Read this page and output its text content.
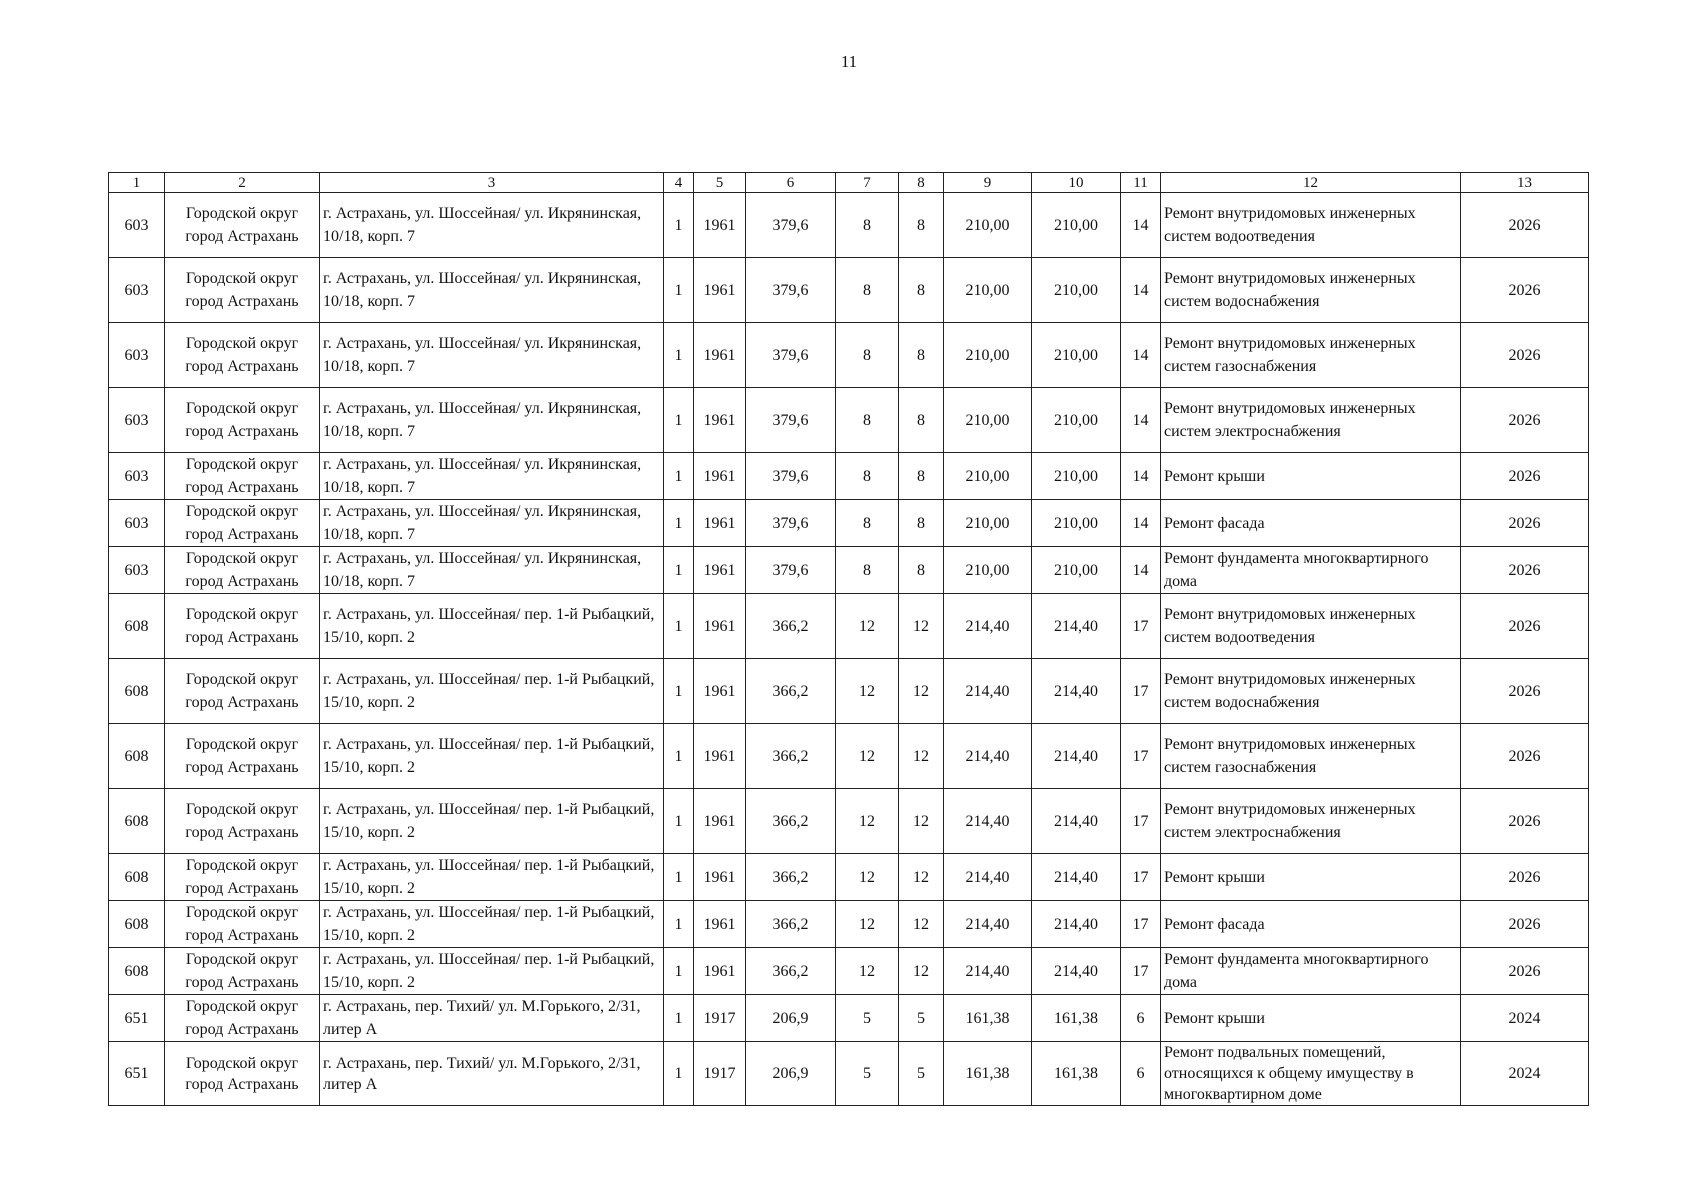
11
1	2	3	4	5	6	7	8	9	10	11	12	13
603	Городской округ город Астрахань	г. Астрахань, ул. Шоссейная/ ул. Икрянинская, 10/18, корп. 7	1	1961	379,6	8	8	210,00	210,00	14	Ремонт внутридомовых инженерных систем водоотведения	2026
603	Городской округ город Астрахань	г. Астрахань, ул. Шоссейная/ ул. Икрянинская, 10/18, корп. 7	1	1961	379,6	8	8	210,00	210,00	14	Ремонт внутридомовых инженерных систем водоснабжения	2026
603	Городской округ город Астрахань	г. Астрахань, ул. Шоссейная/ ул. Икрянинская, 10/18, корп. 7	1	1961	379,6	8	8	210,00	210,00	14	Ремонт внутридомовых инженерных систем газоснабжения	2026
603	Городской округ город Астрахань	г. Астрахань, ул. Шоссейная/ ул. Икрянинская, 10/18, корп. 7	1	1961	379,6	8	8	210,00	210,00	14	Ремонт внутридомовых инженерных систем электроснабжения	2026
603	Городской округ город Астрахань	г. Астрахань, ул. Шоссейная/ ул. Икрянинская, 10/18, корп. 7	1	1961	379,6	8	8	210,00	210,00	14	Ремонт крыши	2026
603	Городской округ город Астрахань	г. Астрахань, ул. Шоссейная/ ул. Икрянинская, 10/18, корп. 7	1	1961	379,6	8	8	210,00	210,00	14	Ремонт фасада	2026
603	Городской округ город Астрахань	г. Астрахань, ул. Шоссейная/ ул. Икрянинская, 10/18, корп. 7	1	1961	379,6	8	8	210,00	210,00	14	Ремонт фундамента многоквартирного дома	2026
608	Городской округ город Астрахань	г. Астрахань, ул. Шоссейная/ пер. 1-й Рыбацкий, 15/10, корп. 2	1	1961	366,2	12	12	214,40	214,40	17	Ремонт внутридомовых инженерных систем водоотведения	2026
608	Городской округ город Астрахань	г. Астрахань, ул. Шоссейная/ пер. 1-й Рыбацкий, 15/10, корп. 2	1	1961	366,2	12	12	214,40	214,40	17	Ремонт внутридомовых инженерных систем водоснабжения	2026
608	Городской округ город Астрахань	г. Астрахань, ул. Шоссейная/ пер. 1-й Рыбацкий, 15/10, корп. 2	1	1961	366,2	12	12	214,40	214,40	17	Ремонт внутридомовых инженерных систем газоснабжения	2026
608	Городской округ город Астрахань	г. Астрахань, ул. Шоссейная/ пер. 1-й Рыбацкий, 15/10, корп. 2	1	1961	366,2	12	12	214,40	214,40	17	Ремонт внутридомовых инженерных систем электроснабжения	2026
608	Городской округ город Астрахань	г. Астрахань, ул. Шоссейная/ пер. 1-й Рыбацкий, 15/10, корп. 2	1	1961	366,2	12	12	214,40	214,40	17	Ремонт крыши	2026
608	Городской округ город Астрахань	г. Астрахань, ул. Шоссейная/ пер. 1-й Рыбацкий, 15/10, корп. 2	1	1961	366,2	12	12	214,40	214,40	17	Ремонт фасада	2026
608	Городской округ город Астрахань	г. Астрахань, ул. Шоссейная/ пер. 1-й Рыбацкий, 15/10, корп. 2	1	1961	366,2	12	12	214,40	214,40	17	Ремонт фундамента многоквартирного дома	2026
651	Городской округ город Астрахань	г. Астрахань, пер. Тихий/ ул. М.Горького, 2/31, литер А	1	1917	206,9	5	5	161,38	161,38	6	Ремонт крыши	2024
651	Городской округ город Астрахань	г. Астрахань, пер. Тихий/ ул. М.Горького, 2/31, литер А	1	1917	206,9	5	5	161,38	161,38	6	Ремонт подвальных помещений, относящихся к общему имуществу в многоквартирном доме	2024
